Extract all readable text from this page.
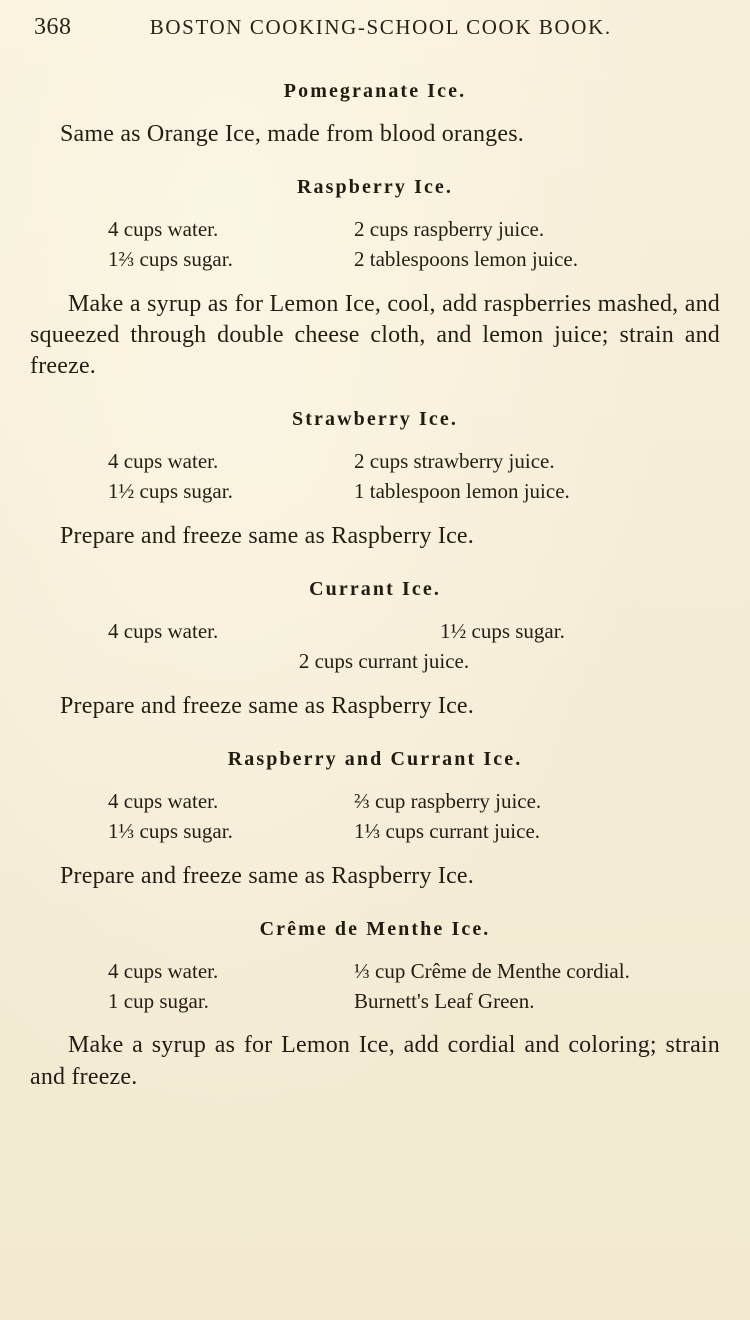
368	BOSTON COOKING-SCHOOL COOK BOOK.
Pomegranate Ice.

Same as Orange Ice, made from blood oranges.

Raspberry Ice.
4 cups water.	2 cups raspberry juice.
1⅔ cups sugar.	2 tablespoons lemon juice.

Make a syrup as for Lemon Ice, cool, add raspberries mashed, and squeezed through double cheese cloth, and lemon juice; strain and freeze.

Strawberry Ice.
4 cups water.	2 cups strawberry juice.
1½ cups sugar.	1 tablespoon lemon juice.

Prepare and freeze same as Raspberry Ice.

Currant Ice.
4 cups water.	1½ cups sugar.
2 cups currant juice.

Prepare and freeze same as Raspberry Ice.

Raspberry and Currant Ice.
4 cups water.	⅔ cup raspberry juice.
1⅓ cups sugar.	1⅓ cups currant juice.

Prepare and freeze same as Raspberry Ice.

Crême de Menthe Ice.
4 cups water.	⅓ cup Crême de Menthe cordial.
1 cup sugar.	Burnett's Leaf Green.

Make a syrup as for Lemon Ice, add cordial and coloring; strain and freeze.
